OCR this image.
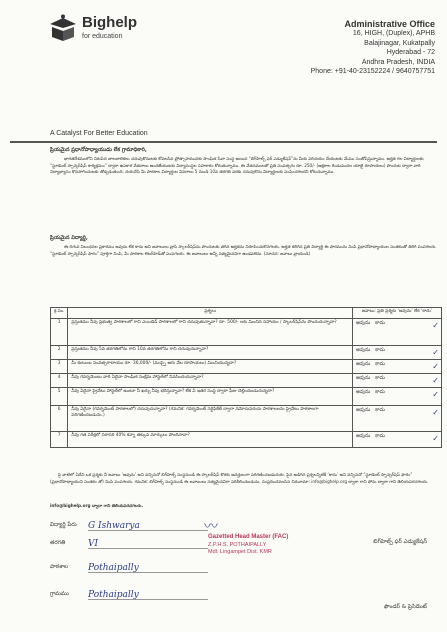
Bighelp
for education
A Catalyst For Better Education
Administrative Office
16, HIGH, (Duplex), APHB
Balajinagar, Kukatpally
Hyderabad - 72
Andhra Pradesh, INDIA
Phone: +91-40-23152224 / 9640757751
ప్రియమైన ప్రధానోపాధ్యాయుడు లేక గ్రామాధికారి,
భారతదేశములోని నిరుపేద బాలబాలికలు చదువుకొనుటకు కోవలసిన ప్రోత్సాహమునకు సాంఘిక సేవా సంస్థ అయిన “బిగ్‌హెల్ప్ ఫర్ ఎడ్యుకేషన్”ను మీకు పరిచయం చేయుటకు మేము సంతోషిస్తున్నాము. అర్హత గల విద్యార్థులకు “స్టూడెంట్ స్పాన్సర్‌షిప్ కార్యక్రమం” ద్వారా ఉపకార వేతనాలు అందజేయుటకు విద్యాసంస్థల సహకారం కోరుతున్నాము. ఈ వేతనములతో ప్రతి సంవత్సరం రూ. 250/- (అక్షరాల రెండువందల యాభై రూపాయలు) పొందుట ద్వారా వారి విద్యాభ్యాసం కొనసాగించుటకు తోడ్పడుతుంది. దయచేసి మీ పాఠశాల విద్యార్థుల వివరాలు 5 నుండి 10వ తరగతి వరకు చదువుకొను విద్యార్థులకు పంపించగలరని కోరుచున్నాము.
ప్రియమైన విద్యార్థి,
ఈ దిగువ నిబంధనల ప్రకారము అవును లేక కాదు అని జవాబులు వ్రాసి స్కాలర్‌షిప్‌ను పొందుటకు తగిన అర్హతను నిరూపించుకొనగలరు. అర్హత కలిగిన ప్రతి విద్యార్థి ఈ ఫారమును నింపి ప్రధానోపాధ్యాయుల సంతకంతో తిరిగి పంపగలరు. “స్టూడెంట్ స్పాన్సర్‌షిప్ ఫారం” పూర్తిగా నింపి, మీ పాఠశాల లెటర్‌హెడ్‌తో పంపగలరు. ఈ జవాబులు అన్నీ సత్యమైనవిగా ఉండవలెను. (సూచన: జవాబు వ్రాయండి)
క్ర.సం.	ప్రశ్నలు	జవాబు: ప్రతి ప్రశ్నకు ‘అవును’ లేక ‘కాదు’
1	ప్రస్తుతము నీవు ప్రభుత్వ పాఠశాలలో గాని ఎయిడెడ్ పాఠశాలలో గాని చదువుతున్నావా? రూ. 500/- లకు మించిన సహాయం / స్కాలర్‌షిప్‌ను పొందుచున్నావా?	అవును కాదు ✓

2	ప్రస్తుతము నీవు 5వ తరగతిలోను గాని 10వ తరగతిలోను గాని చదువుచున్నావా?	అవును కాదు ✓

3	మీ కుటుంబ సంవత్సరాదాయం రూ. 36,000/- (ముప్పై ఆరు వేల రూపాయలు) మించియున్నదా?	అవును కాదు ✓

4	నీవు గవర్నమెంటు వారి ఏదైనా సాంఘిక సంక్షేమ హాస్టల్‌లో నివసించుచున్నావా?	అవును కాదు ✓

5	నీవు ఏదైనా ప్రైవేటు హాస్టల్‌లో ఉంటూ నీ ఖర్చు నీవు భరిస్తున్నావా? లేక ఏ ఇతర సంస్థ ద్వారా ఫీజు చెల్లించబడుచున్నదా?	అవును కాదు ✓

6	నీవు ఏదైనా (గవర్నమెంట్ పాఠశాలలో) చదువుచున్నావా? (గమనిక: గవర్నమెంట్ సర్టిఫికేట్ ద్వారా నమోదుపరుచు పాఠశాలలను ప్రైవేటు పాఠశాలగా పరిగణించబడును.)	అవును కాదు ✓

7	నీవు గత పరీక్షలో సరాసరి 40% కన్నా తక్కువ మార్కులు పొందినావా?	అవును కాదు ✓
పై వాటిలో ఏదేని ఒక ప్రశ్నకు నీ జవాబు ‘అవును’ అని వచ్చినచో బిగ్‌హెల్ప్ సంస్థనుండి ఈ స్కాలర్‌షిప్ కొరకు అనర్హులుగా పరిగణించబడుదురు. పైన అడిగిన ప్రశ్నలన్నిటికీ ‘కాదు’ అని వచ్చినచో “స్టూడెంట్ స్పాన్సర్‌షిప్ ఫారం” (ప్రధానోపాధ్యాయుని సంతకం తో) నింపి పంపగలరు. గమనిక: బిగ్‌హెల్ప్ సంస్థనుండి ఈ జవాబులు సత్యమైనవిగా పరిశీలించబడును. సంప్రదించవలసిన చిరునామా: info@bighelp.org ద్వారా గాని ఫోను ద్వారా గాని తెలియపరచగలరు.
info@bighelp.org ద్వారా గాని తెలియపరచగలరు.
విద్యార్థి పేరు G Ishwarya
తరగతి	VI
పాఠశాల Pothaipally
గ్రామము Pothaipally
〰
Gazetted Head Master (FAC)
Z.P.H.S. POTHAIPALLY
Mdl: Lingampet Dist. KMR
బిగ్‌హెల్ప్ ఫర్ ఎడ్యుకేషన్
ఫౌండర్ & ప్రెసిడెంట్
